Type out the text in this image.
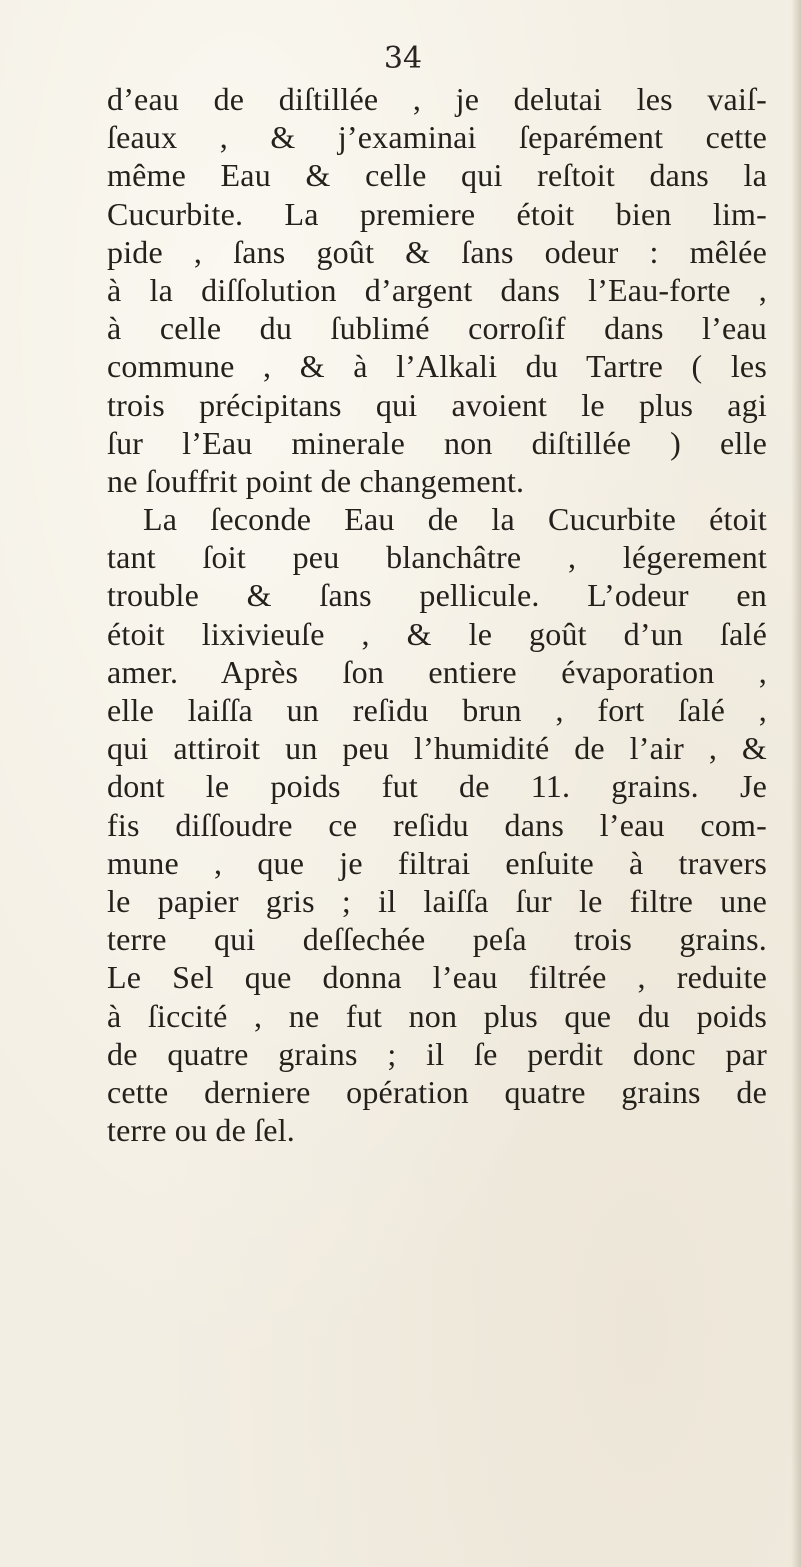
34
d’eau de diſtillée , je delutai les vaiſ-
ſeaux , & j’examinai ſeparément cette
même Eau & celle qui reſtoit dans la
Cucurbite. La premiere étoit bien lim-
pide , ſans goût & ſans odeur : mêlée
à la diſſolution d’argent dans l’Eau-forte ,
à celle du ſublimé corroſif dans l’eau
commune , & à l’Alkali du Tartre ( les
trois précipitans qui avoient le plus agi
ſur l’Eau minerale non diſtillée ) elle
ne ſouffrit point de changement.
La ſeconde Eau de la Cucurbite étoit
tant ſoit peu blanchâtre , légerement
trouble & ſans pellicule. L’odeur en
étoit lixivieuſe , & le goût d’un ſalé
amer. Après ſon entiere évaporation ,
elle laiſſa un reſidu brun , fort ſalé ,
qui attiroit un peu l’humidité de l’air , &
dont le poids fut de 11. grains. Je
fis diſſoudre ce reſidu dans l’eau com-
mune , que je filtrai enſuite à travers
le papier gris ; il laiſſa ſur le filtre une
terre qui deſſechée peſa trois grains.
Le Sel que donna l’eau filtrée , reduite
à ſiccité , ne fut non plus que du poids
de quatre grains ; il ſe perdit donc par
cette derniere opération quatre grains de
terre ou de ſel.
